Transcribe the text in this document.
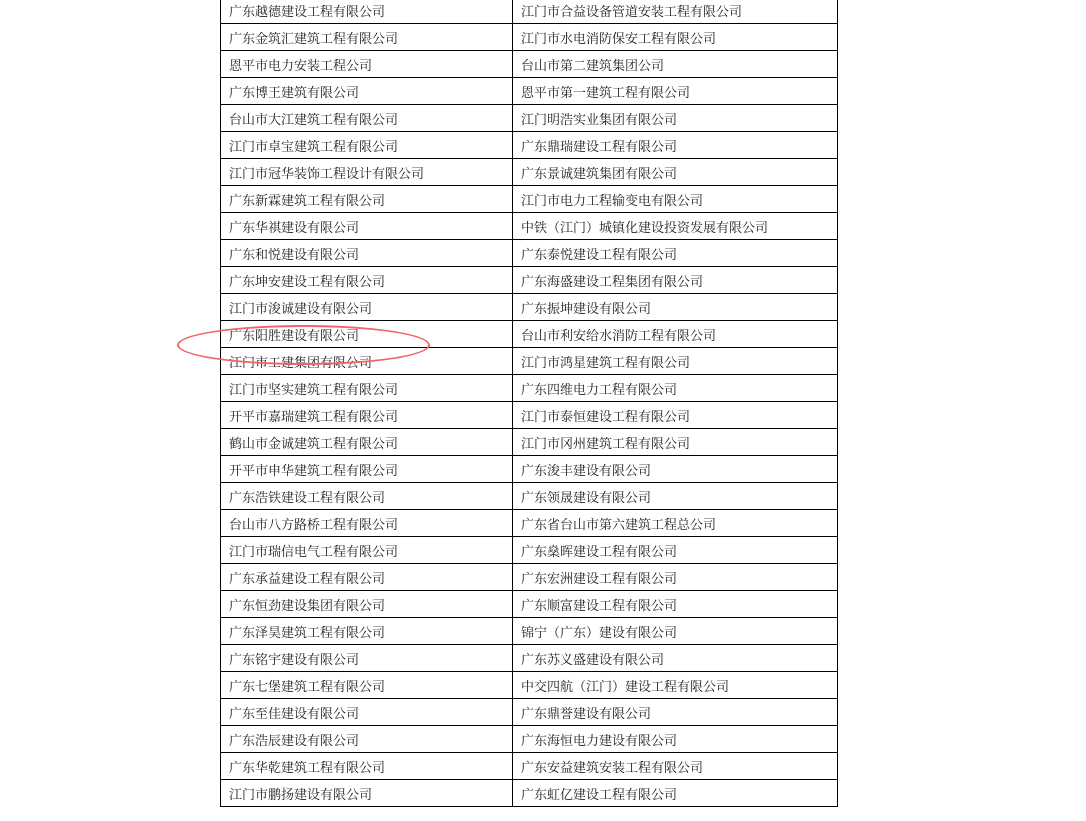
广东越德建设工程有限公司	江门市合益设备管道安装工程有限公司
广东金筑汇建筑工程有限公司	江门市水电消防保安工程有限公司
恩平市电力安装工程公司	台山市第二建筑集团公司
广东博王建筑有限公司	恩平市第一建筑工程有限公司
台山市大江建筑工程有限公司	江门明浩实业集团有限公司
江门市卓宝建筑工程有限公司	广东鼎瑞建设工程有限公司
江门市冠华装饰工程设计有限公司	广东景诚建筑集团有限公司
广东新霖建筑工程有限公司	江门市电力工程输变电有限公司
广东华祺建设有限公司	中铁（江门）城镇化建设投资发展有限公司
广东和悦建设有限公司	广东泰悦建设工程有限公司
广东坤安建设工程有限公司	广东海盛建设工程集团有限公司
江门市浚诚建设有限公司	广东振坤建设有限公司
广东阳胜建设有限公司	台山市利安给水消防工程有限公司
江门市工建集团有限公司	江门市鸿星建筑工程有限公司
江门市坚实建筑工程有限公司	广东四维电力工程有限公司
开平市嘉瑞建筑工程有限公司	江门市泰恒建设工程有限公司
鹤山市金诚建筑工程有限公司	江门市冈州建筑工程有限公司
开平市申华建筑工程有限公司	广东浚丰建设有限公司
广东浩铁建设工程有限公司	广东领晟建设有限公司
台山市八方路桥工程有限公司	广东省台山市第六建筑工程总公司
江门市瑞信电气工程有限公司	广东燊晖建设工程有限公司
广东承益建设工程有限公司	广东宏洲建设工程有限公司
广东恒劲建设集团有限公司	广东顺富建设工程有限公司
广东泽昊建筑工程有限公司	锦宁（广东）建设有限公司
广东铭宇建设有限公司	广东苏义盛建设有限公司
广东七堡建筑工程有限公司	中交四航（江门）建设工程有限公司
广东至佳建设有限公司	广东鼎誉建设有限公司
广东浩辰建设有限公司	广东海恒电力建设有限公司
广东华乾建筑工程有限公司	广东安益建筑安装工程有限公司
江门市鹏扬建设有限公司	广东虹亿建设工程有限公司
